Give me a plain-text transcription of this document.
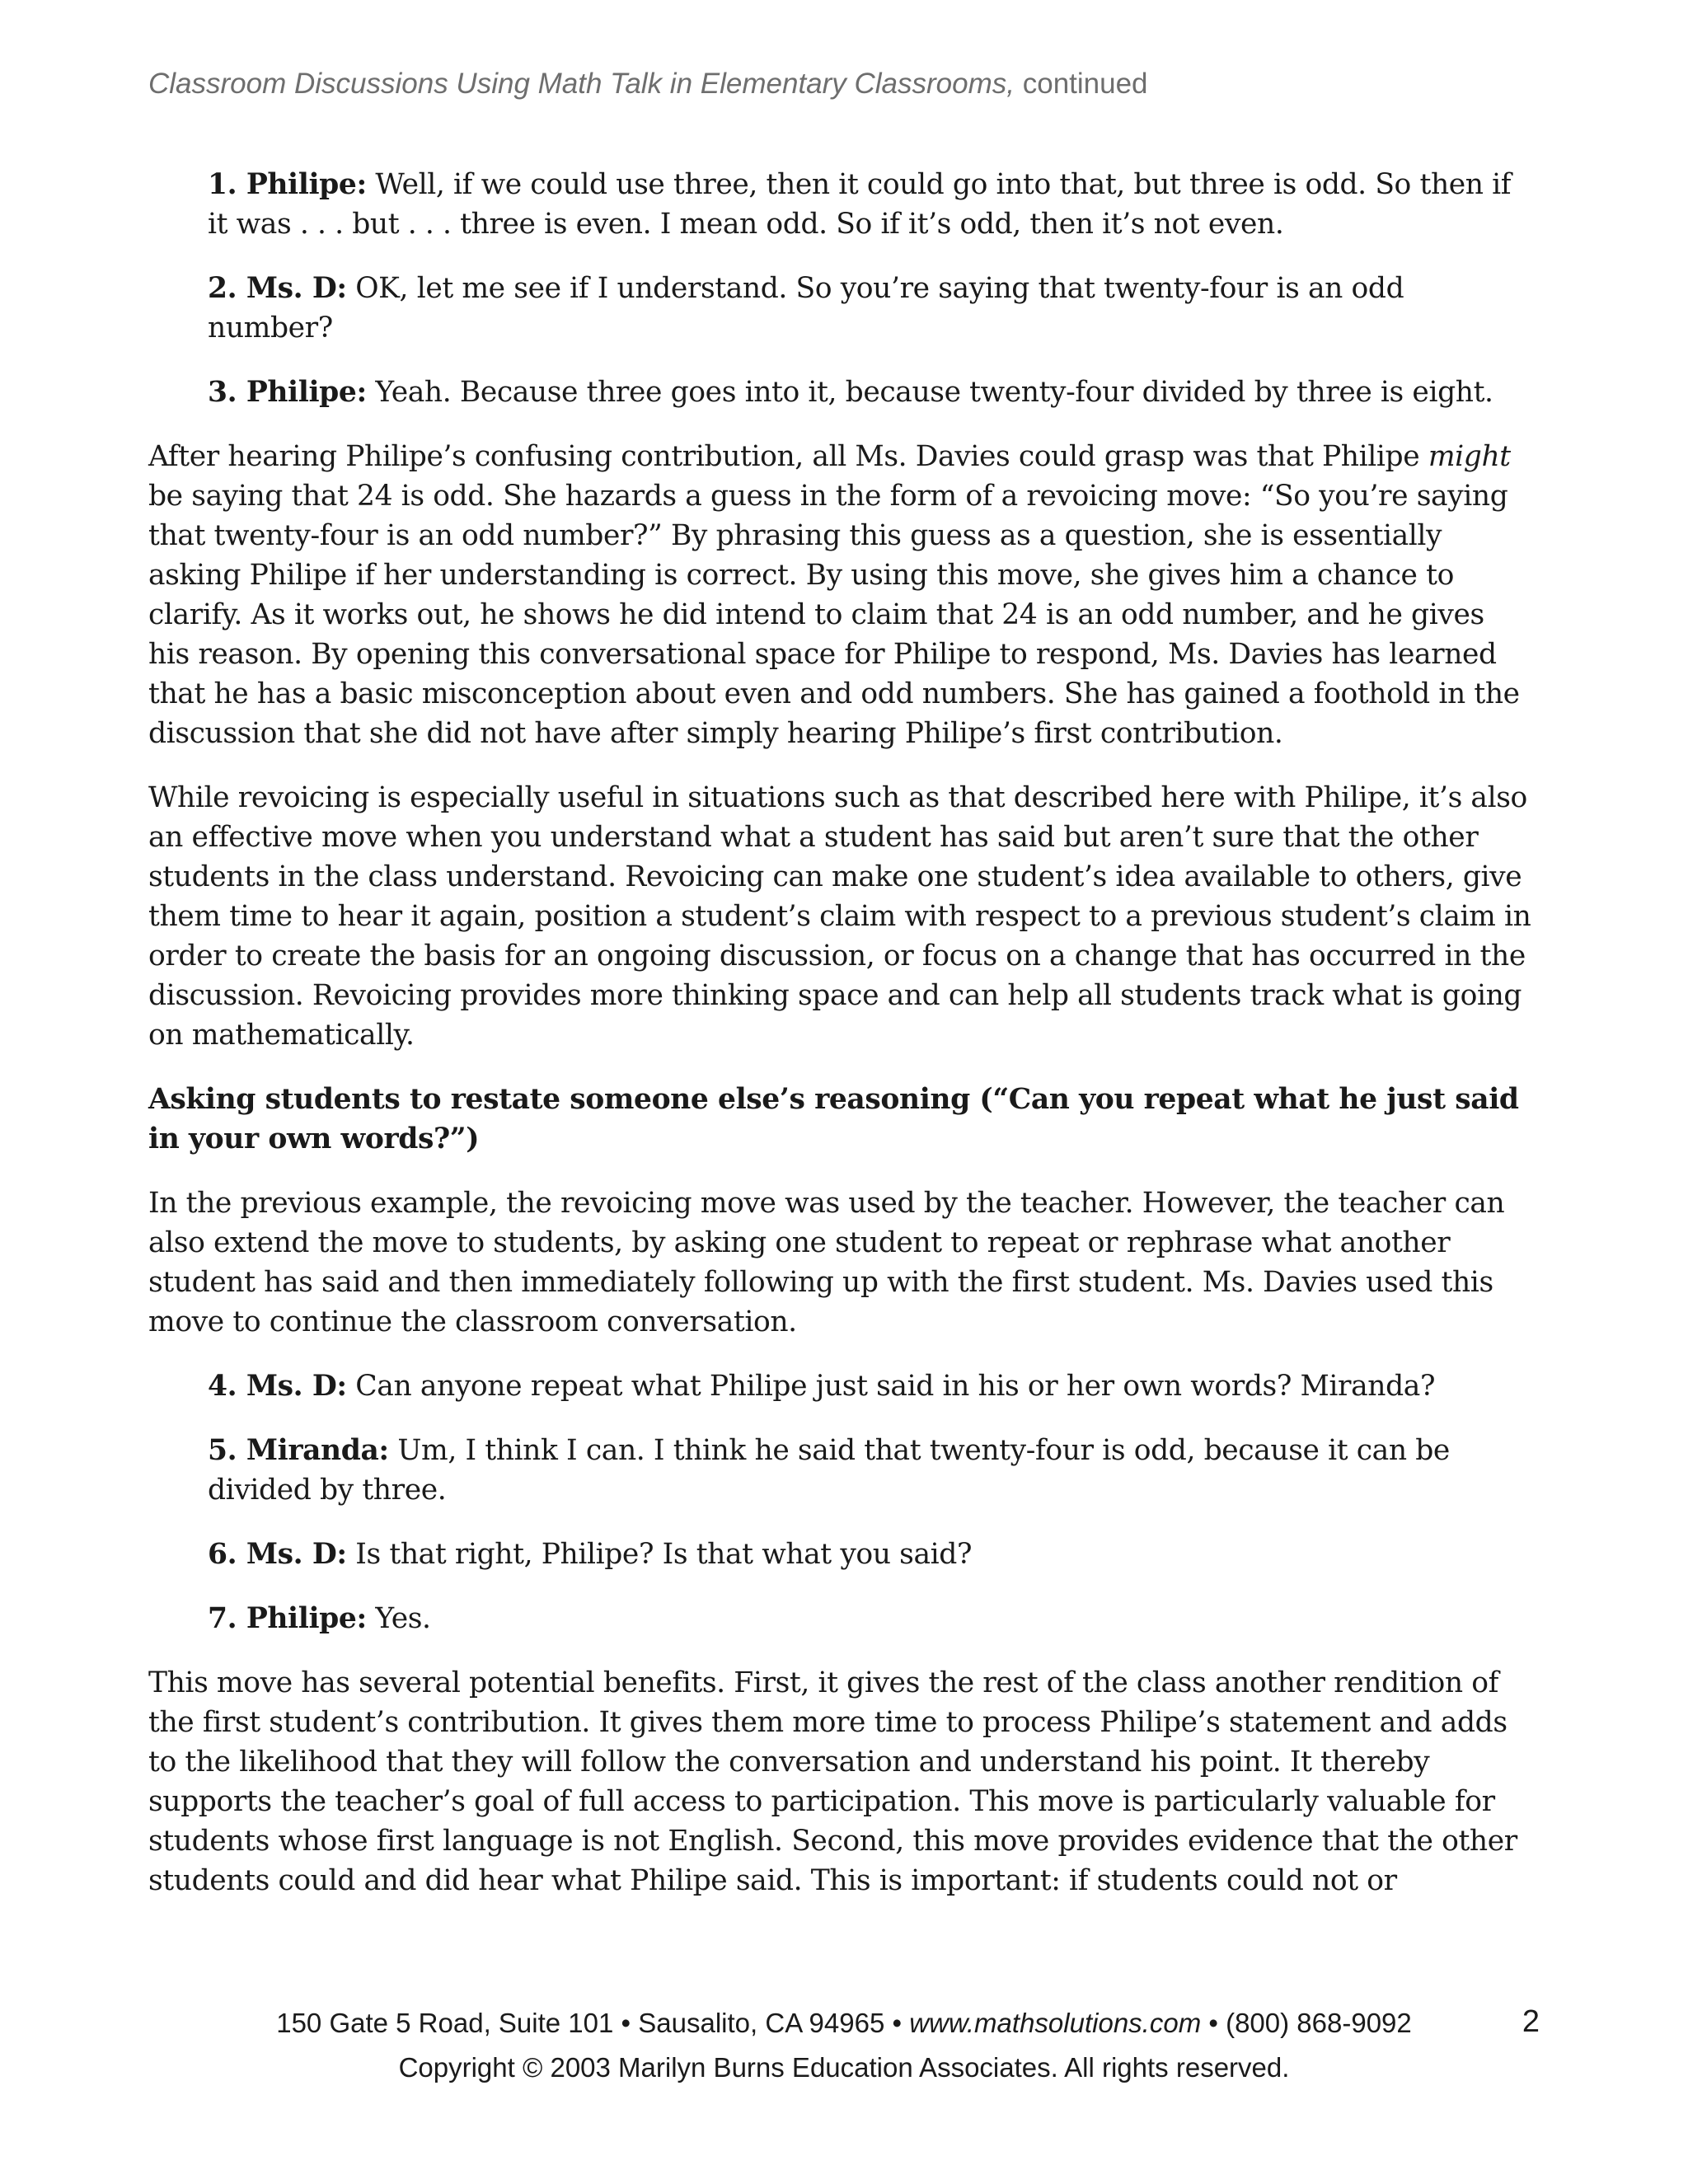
Classroom Discussions Using Math Talk in Elementary Classrooms, continued
1. Philipe: Well, if we could use three, then it could go into that, but three is odd. So then if it was . . . but . . . three is even. I mean odd. So if it’s odd, then it’s not even.
2. Ms. D: OK, let me see if I understand. So you’re saying that twenty-four is an odd number?
3. Philipe: Yeah. Because three goes into it, because twenty-four divided by three is eight.

After hearing Philipe’s confusing contribution, all Ms. Davies could grasp was that Philipe might be saying that 24 is odd. She hazards a guess in the form of a revoicing move: “So you’re saying that twenty-four is an odd number?” By phrasing this guess as a question, she is essentially asking Philipe if her understanding is correct. By using this move, she gives him a chance to clarify. As it works out, he shows he did intend to claim that 24 is an odd number, and he gives his reason. By opening this conversational space for Philipe to respond, Ms. Davies has learned that he has a basic misconception about even and odd numbers. She has gained a foothold in the discussion that she did not have after simply hearing Philipe’s first contribution.

While revoicing is especially useful in situations such as that described here with Philipe, it’s also an effective move when you understand what a student has said but aren’t sure that the other students in the class understand. Revoicing can make one student’s idea available to others, give them time to hear it again, position a student’s claim with respect to a previous student’s claim in order to create the basis for an ongoing discussion, or focus on a change that has occurred in the discussion. Revoicing provides more thinking space and can help all students track what is going on mathematically.

Asking students to restate someone else’s reasoning (“Can you repeat what he just said in your own words?”)

In the previous example, the revoicing move was used by the teacher. However, the teacher can also extend the move to students, by asking one student to repeat or rephrase what another student has said and then immediately following up with the first student. Ms. Davies used this move to continue the classroom conversation.

4. Ms. D: Can anyone repeat what Philipe just said in his or her own words? Miranda?
5. Miranda: Um, I think I can. I think he said that twenty-four is odd, because it can be divided by three.
6. Ms. D: Is that right, Philipe? Is that what you said?
7. Philipe: Yes.

This move has several potential benefits. First, it gives the rest of the class another rendition of the first student’s contribution. It gives them more time to process Philipe’s statement and adds to the likelihood that they will follow the conversation and understand his point. It thereby supports the teacher’s goal of full access to participation. This move is particularly valuable for students whose first language is not English. Second, this move provides evidence that the other students could and did hear what Philipe said. This is important: if students could not or

150 Gate 5 Road, Suite 101 • Sausalito, CA 94965 • www.mathsolutions.com • (800) 868-9092
Copyright © 2003 Marilyn Burns Education Associates. All rights reserved.
2
